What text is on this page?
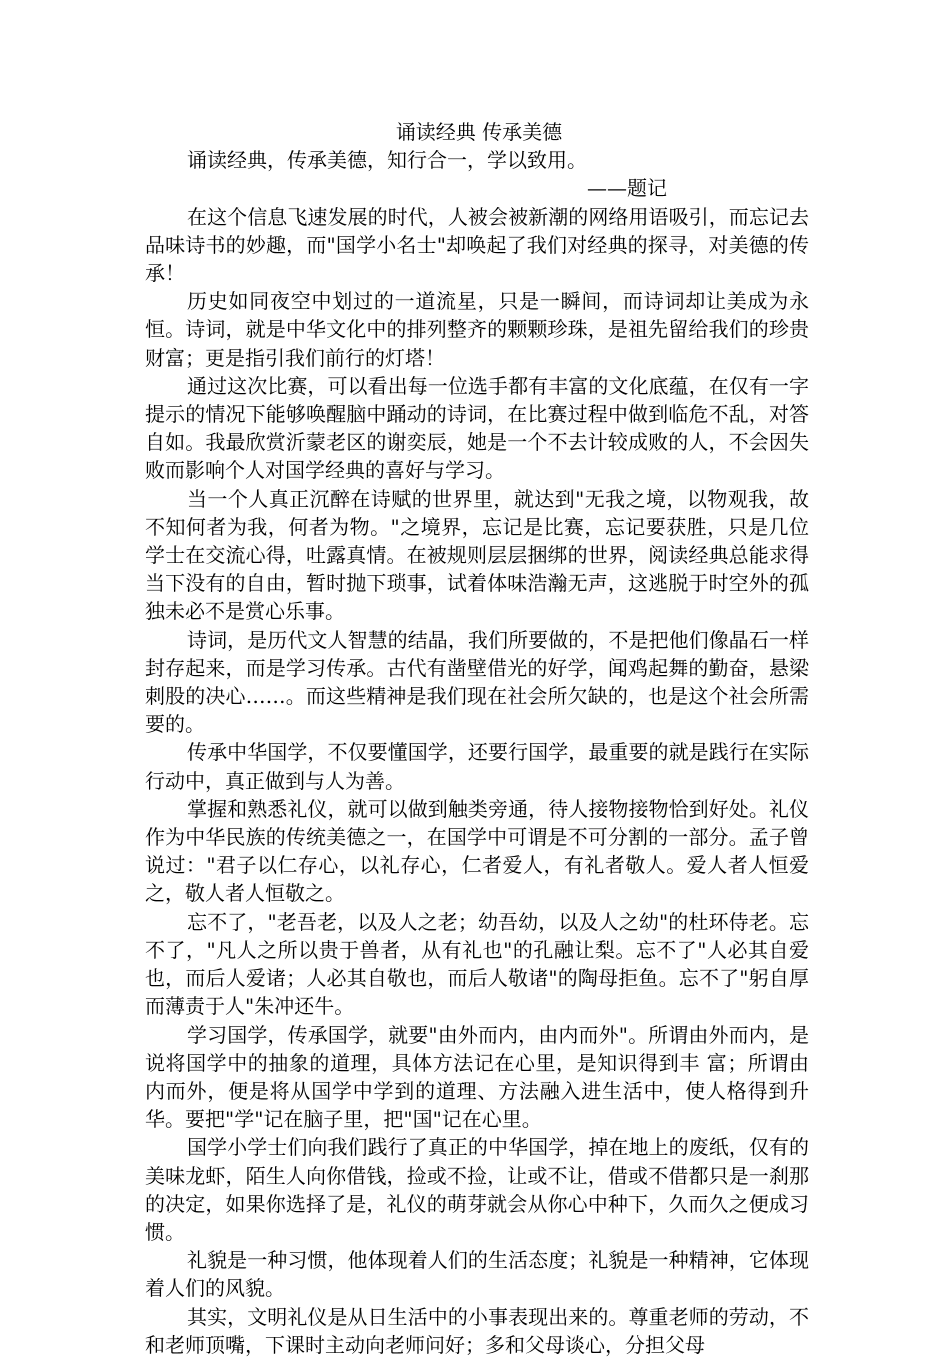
诵读经典 传承美德

诵读经典，传承美德，知行合一，学以致用。

——题记

在这个信息飞速发展的时代，人被会被新潮的网络用语吸引，而忘记去品味诗书的妙趣，而"国学小名士"却唤起了我们对经典的探寻，对美德的传承！

历史如同夜空中划过的一道流星，只是一瞬间，而诗词却让美成为永恒。诗词，就是中华文化中的排列整齐的颗颗珍珠，是祖先留给我们的珍贵财富；更是指引我们前行的灯塔！

通过这次比赛，可以看出每一位选手都有丰富的文化底蕴，在仅有一字提示的情况下能够唤醒脑中踊动的诗词，在比赛过程中做到临危不乱，对答自如。我最欣赏沂蒙老区的谢奕辰，她是一个不去计较成败的人，不会因失败而影响个人对国学经典的喜好与学习。

当一个人真正沉醉在诗赋的世界里，就达到"无我之境，以物观我，故不知何者为我，何者为物。"之境界，忘记是比赛，忘记要获胜，只是几位学士在交流心得，吐露真情。在被规则层层捆绑的世界，阅读经典总能求得当下没有的自由，暂时抛下琐事，试着体味浩瀚无声，这逃脱于时空外的孤独未必不是赏心乐事。

诗词，是历代文人智慧的结晶，我们所要做的，不是把他们像晶石一样封存起来，而是学习传承。古代有凿壁借光的好学，闻鸡起舞的勤奋，悬梁刺股的决心……。而这些精神是我们现在社会所欠缺的，也是这个社会所需要的。

传承中华国学，不仅要懂国学，还要行国学，最重要的就是践行在实际行动中，真正做到与人为善。

掌握和熟悉礼仪，就可以做到触类旁通，待人接物接物恰到好处。礼仪作为中华民族的传统美德之一，在国学中可谓是不可分割的一部分。孟子曾说过："君子以仁存心，以礼存心，仁者爱人，有礼者敬人。爱人者人恒爱之，敬人者人恒敬之。

忘不了，"老吾老，以及人之老；幼吾幼，以及人之幼"的杜环侍老。忘不了，"凡人之所以贵于兽者，从有礼也"的孔融让梨。忘不了"人必其自爱也，而后人爱诸；人必其自敬也，而后人敬诸"的陶母拒鱼。忘不了"躬自厚而薄责于人"朱冲还牛。

学习国学，传承国学，就要"由外而内，由内而外"。所谓由外而内，是说将国学中的抽象的道理，具体方法记在心里，是知识得到丰 富；所谓由内而外，便是将从国学中学到的道理、方法融入进生活中，使人格得到升华。要把"学"记在脑子里，把"国"记在心里。

国学小学士们向我们践行了真正的中华国学，掉在地上的废纸，仅有的美味龙虾，陌生人向你借钱，捡或不捡，让或不让，借或不借都只是一刹那的决定，如果你选择了是，礼仪的萌芽就会从你心中种下，久而久之便成习惯。

礼貌是一种习惯，他体现着人们的生活态度；礼貌是一种精神，它体现着人们的风貌。

其实，文明礼仪是从日生活中的小事表现出来的。尊重老师的劳动，不和老师顶嘴，下课时主动向老师问好；多和父母谈心，分担父母
